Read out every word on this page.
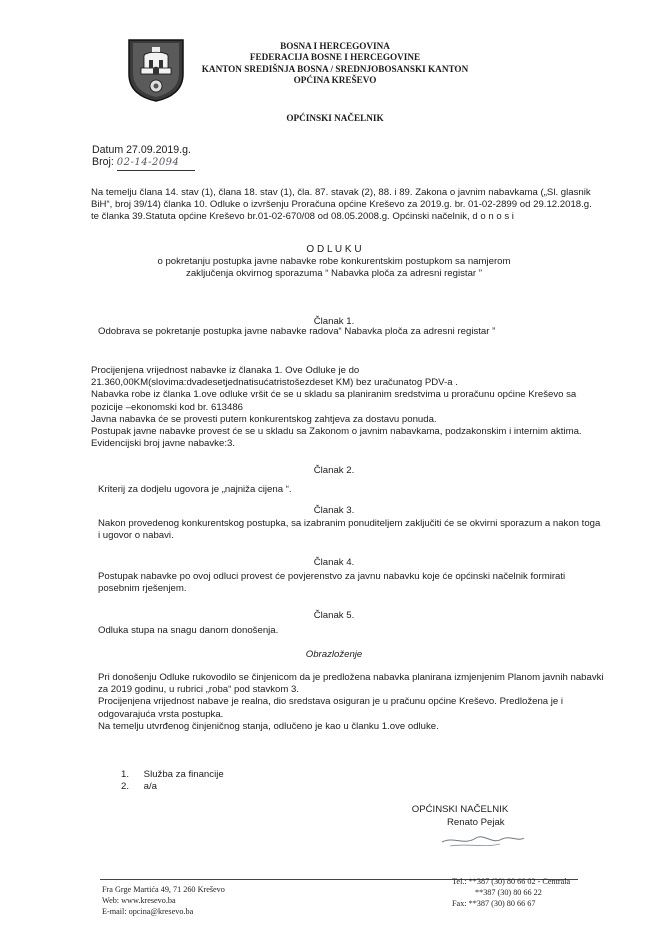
BOSNA I HERCEGOVINA
FEDERACIJA BOSNE I HERCEGOVINE
KANTON SREDIŠNJA BOSNA / SREDNJOBOSANSKI KANTON
OPĆINA KREŠEVO
OPĆINSKI NAČELNIK
Datum 27.09.2019.g.
Broj: 02-14-2094
Na temelju članа 14. stav (1), člana 18. stav (1), čla. 87. stavak (2), 88. i 89. Zakona o javnim nabavkama („Sl. glasnik
BiH“, broj 39/14) članka 10. Odluke o izvršenju Proračuna općine Kreševo za 2019.g. br. 01-02-2899 od 29.12.2018.g.
te članka 39.Statuta općine Kreševo br.01-02-670/08 od 08.05.2008.g. Općinski načelnik, d o n o s i
O D L U K U
o pokretanju postupka javne nabavke robe konkurentskim postupkom sa namjerom
zaključenja okvirnog sporazuma “ Nabavka ploča za adresni registar ”
Članak 1.
Odobrava se pokretanje postupka javne nabavke radova“ Nabavka ploča za adresni registar ”
Procijenjena vrijednost nabavke iz članaka 1. Ove Odluke je do
21.360,00KM(slovima:dvadesetjednatisućatristošezdeset KM) bez uračunatog PDV-a .
Nabavka robe iz članka 1.ove odluke vršit će se u skladu sa planiranim sredstvima u proračunu općine Kreševo sa
pozicije –ekonomski kod br. 613486
Javna nabavka će se provesti putem konkurentskog zahtjeva za dostavu ponuda.
Postupak javne nabavke provest će se u skladu sa Zakonom o javnim nabavkama, podzakonskim i internim aktima.
Evidencijski broj javne nabavke:3.
Članak 2.
Kriterij za dodjelu ugovora je „najniža cijena “.
Članak 3.
Nakon provedenog konkurentskog postupka, sa izabranim ponuditeljem zaključiti će se okvirni sporazum a nakon toga
i ugovor o nabavi.
Članak 4.
Postupak nabavke po ovoj odluci provest će povjerenstvo za javnu nabavku koje će općinski načelnik formirati
posebnim rješenjem.
Članak 5.
Odluka stupa na snagu danom donošenja.
Obrazloženje
Pri donošenju Odluke rukovodilo se činjenicom da je predložena nabavka planirana izmjenjenim Planom javnih nabavki
za 2019 godinu, u rubrici „roba“ pod stavkom 3.
Procijenjena vrijednost nabave je realna, dio sredstava osiguran je u pračunu općine Kreševo. Predložena je i
odgovarajuća vrsta postupka.
Na temelju utvrđenog činjeničnog stanja, odlučeno je kao u članku 1.ove odluke.
1. Služba za financije
2. a/a
OPĆINSKI NAČELNIK
Renato Pejak
Fra Grge Martića 49, 71 260 Kreševo
Web: www.kresevo.ba
E-mail: opcina@kresevo.ba
Tel.: **387 (30) 80 66 02 - Centrala
**387 (30) 80 66 22
Fax: **387 (30) 80 66 67
